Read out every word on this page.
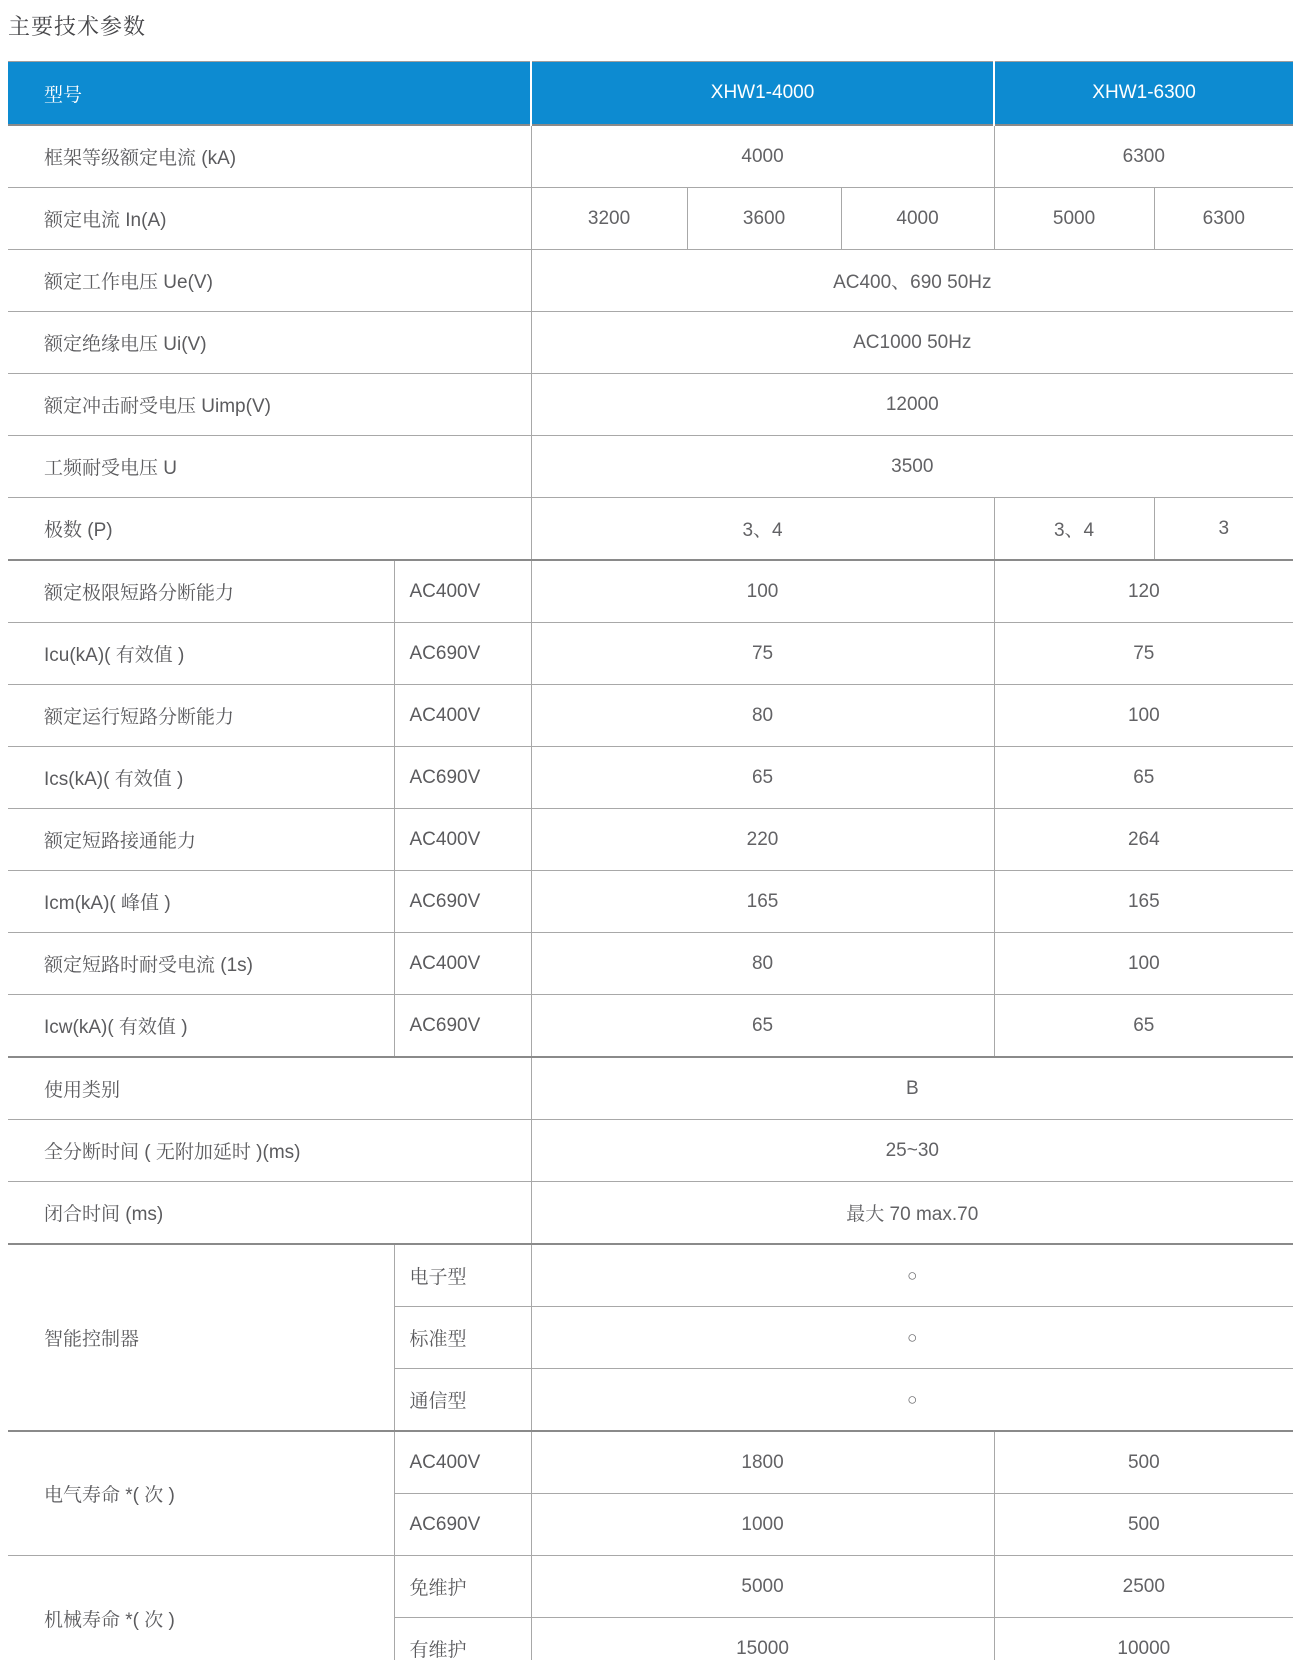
主要技术参数
型号		XHW1-4000			XHW1-6300	
框架等级额定电流 (kA)		4000			6300	
额定电流 In(A)		3200	3600	4000	5000	6300
额定工作电压 Ue(V)		AC400、690 50Hz				
额定绝缘电压 Ui(V)		AC1000 50Hz				
额定冲击耐受电压 Uimp(V)		12000				
工频耐受电压 U		3500				
极数 (P)		3、4			3、4	3
额定极限短路分断能力	AC400V	100			120	
Icu(kA)( 有效值 )	AC690V	75			75	
额定运行短路分断能力	AC400V	80			100	
Ics(kA)( 有效值 )	AC690V	65			65	
额定短路接通能力	AC400V	220			264	
Icm(kA)( 峰值 )	AC690V	165			165	
额定短路时耐受电流 (1s)	AC400V	80			100	
Icw(kA)( 有效值 )	AC690V	65			65	
使用类别		B				
全分断时间 ( 无附加延时 )(ms)		25~30				
闭合时间 (ms)		最大 70 max.70				
智能控制器	电子型	○				
	标准型	○				
	通信型	○				
电气寿命 *( 次 )	AC400V	1800			500	
	AC690V	1000			500	
机械寿命 *( 次 )	免维护	5000			2500	
	有维护	15000			10000	
